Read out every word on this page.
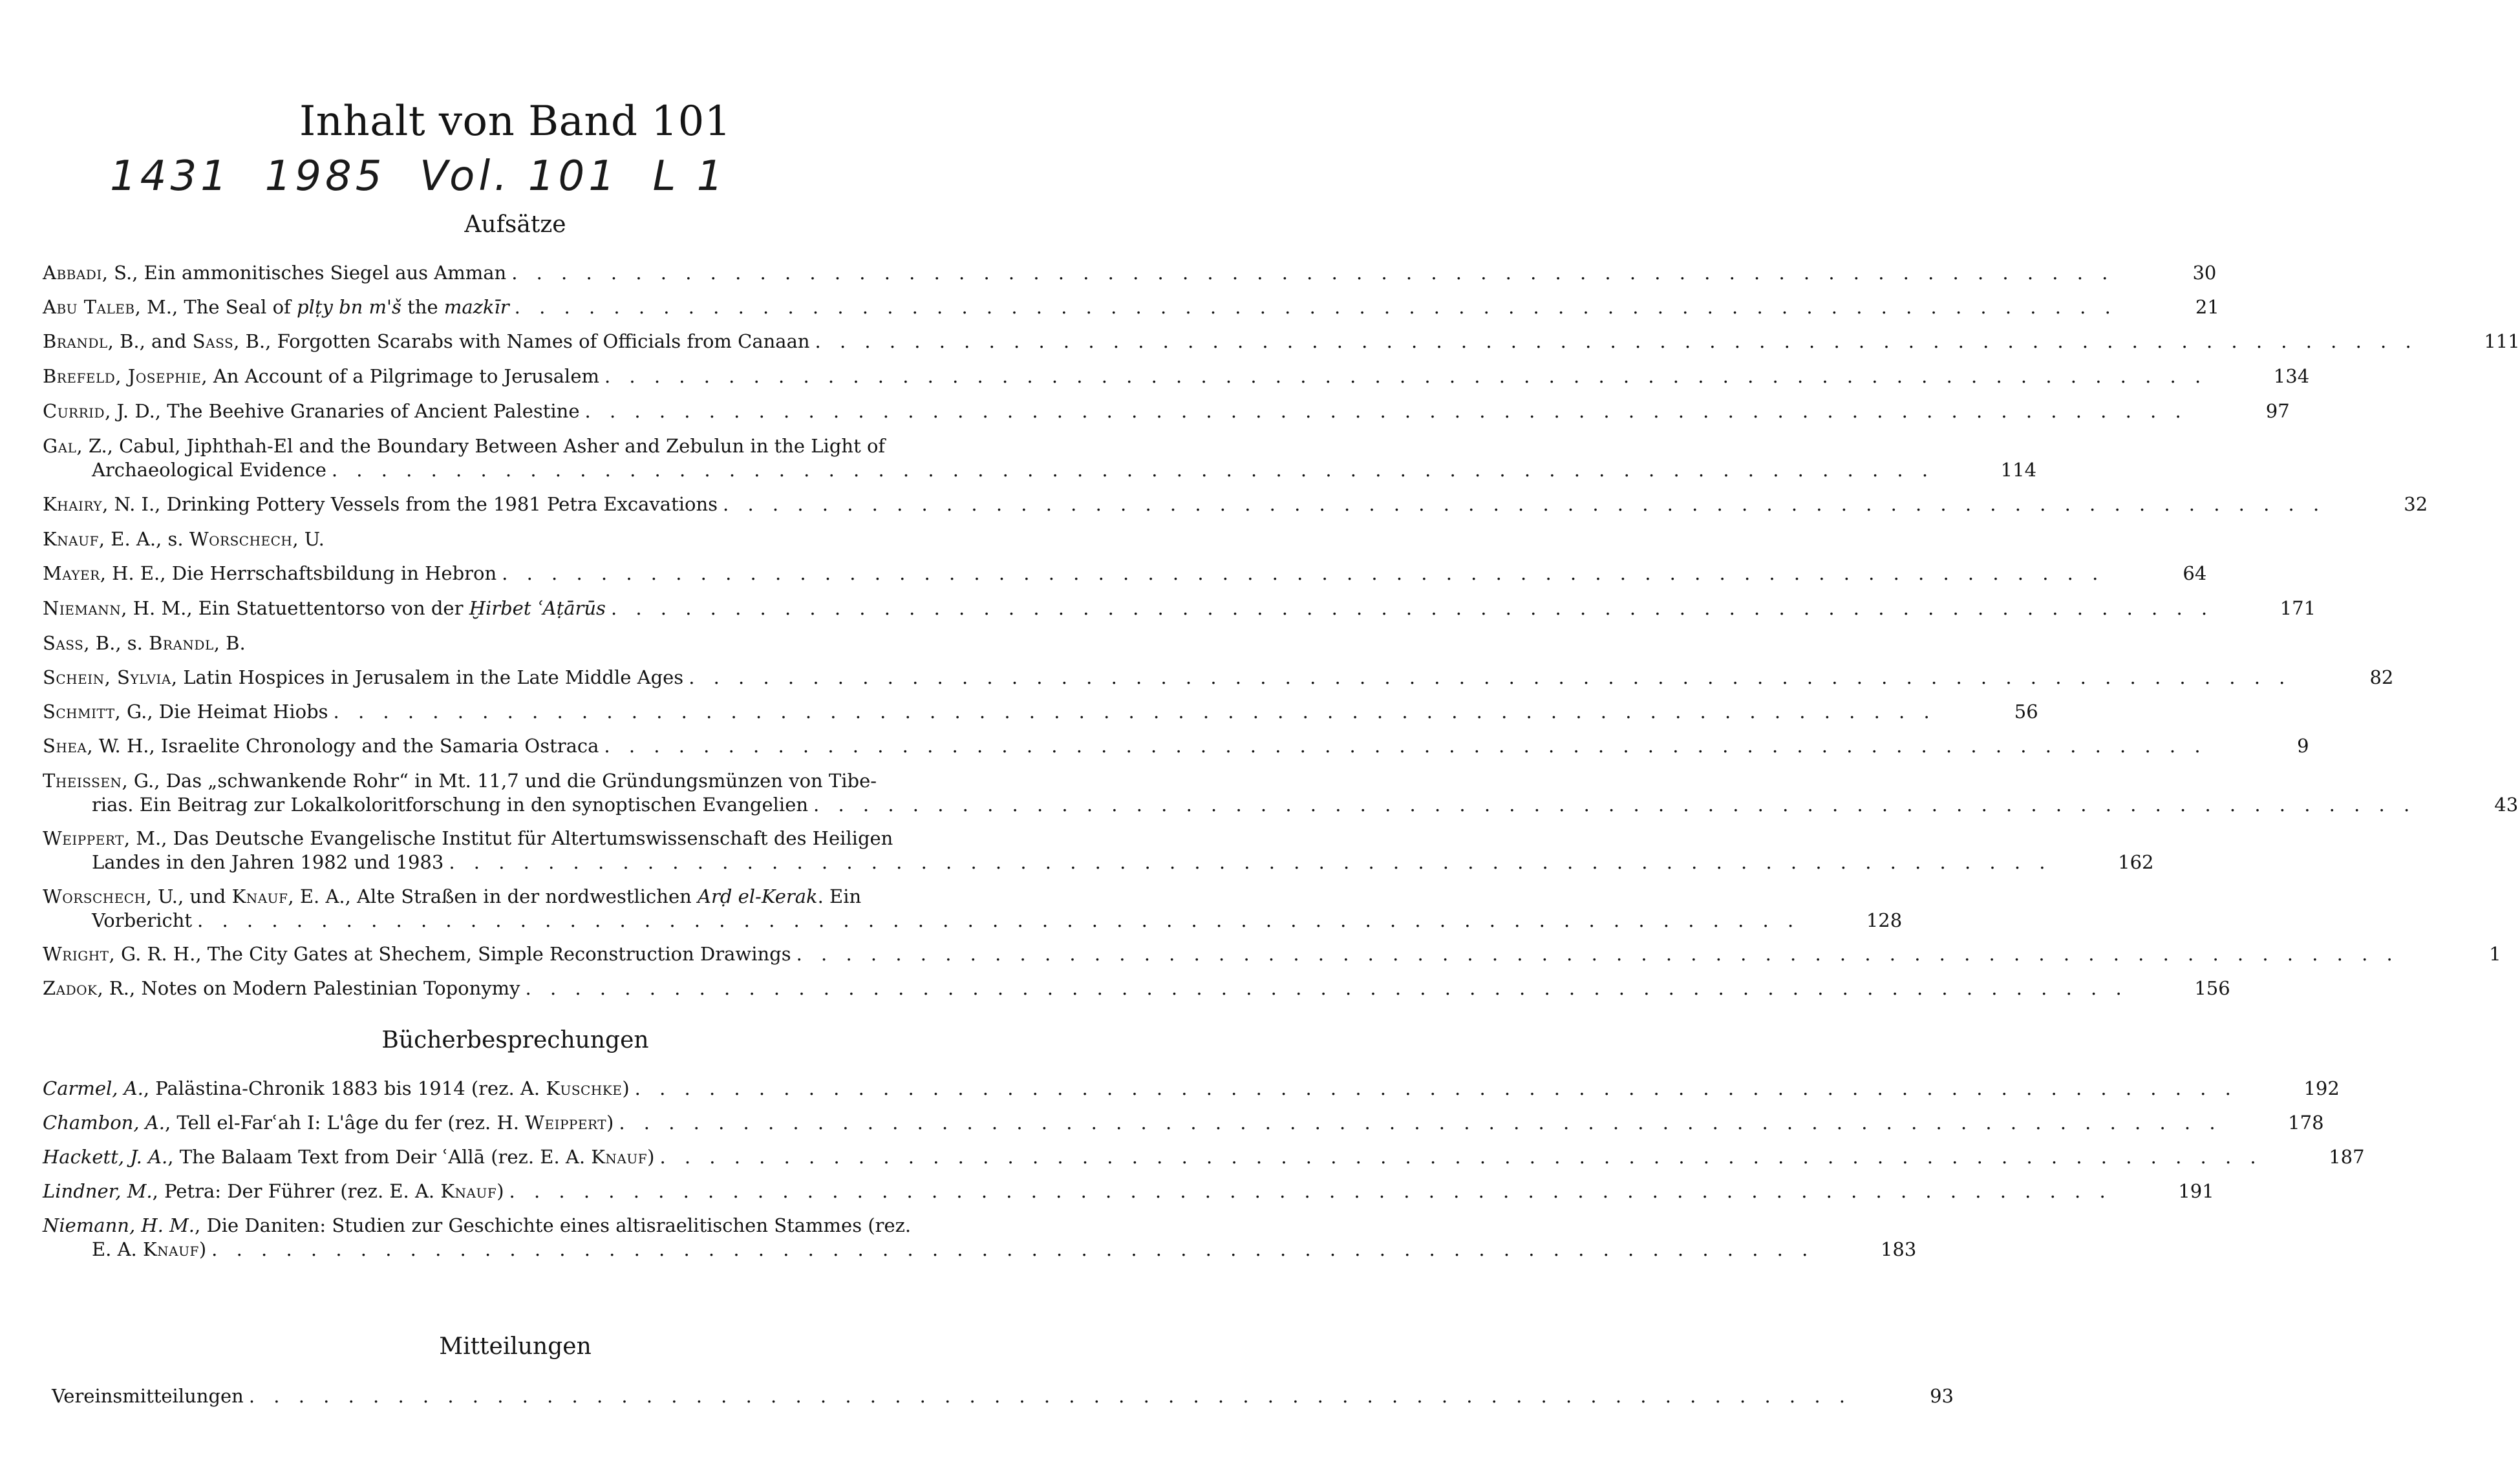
Inhalt von Band 101
1431  1985  Vol. 101  L 1
Aufsätze
Abbadi, S., Ein ammonitisches Siegel aus Amman . . . . . . . . . . . . . . . . . . . . . . . . . . . . . . . . . . . . . . . . . . . . . . . . . . . . . . . . . . . . . . . . .	30
Abu Taleb, M., The Seal of plṭy bn m'š the mazkīr . . . . . . . . . . . . . . . . . . . . . . . . . . . . . . . . . . . . . . . . . . . . . . . . . . . . . . . . . . . . . . . . .	21
Brandl, B., and Sass, B., Forgotten Scarabs with Names of Officials from Canaan . . . . . . . . . . . . . . . . . . . . . . . . . . . . . . . . . . . . . . . . . . . . . . . . . . . . . . . . . . . . . . . . .	111
Brefeld, Josephie, An Account of a Pilgrimage to Jerusalem . . . . . . . . . . . . . . . . . . . . . . . . . . . . . . . . . . . . . . . . . . . . . . . . . . . . . . . . . . . . . . . . .	134
Currid, J. D., The Beehive Granaries of Ancient Palestine . . . . . . . . . . . . . . . . . . . . . . . . . . . . . . . . . . . . . . . . . . . . . . . . . . . . . . . . . . . . . . . . .	97
Gal, Z., Cabul, Jiphthah-El and the Boundary Between Asher and Zebulun in the Light of
Archaeological Evidence . . . . . . . . . . . . . . . . . . . . . . . . . . . . . . . . . . . . . . . . . . . . . . . . . . . . . . . . . . . . . . . . .	114
Khairy, N. I., Drinking Pottery Vessels from the 1981 Petra Excavations . . . . . . . . . . . . . . . . . . . . . . . . . . . . . . . . . . . . . . . . . . . . . . . . . . . . . . . . . . . . . . . . .	32
Knauf, E. A., s. Worschech, U.
Mayer, H. E., Die Herrschaftsbildung in Hebron . . . . . . . . . . . . . . . . . . . . . . . . . . . . . . . . . . . . . . . . . . . . . . . . . . . . . . . . . . . . . . . . .	64
Niemann, H. M., Ein Statuettentorso von der Ḫirbet ʿAṭārūs . . . . . . . . . . . . . . . . . . . . . . . . . . . . . . . . . . . . . . . . . . . . . . . . . . . . . . . . . . . . . . . . .	171
Sass, B., s. Brandl, B.
Schein, Sylvia, Latin Hospices in Jerusalem in the Late Middle Ages . . . . . . . . . . . . . . . . . . . . . . . . . . . . . . . . . . . . . . . . . . . . . . . . . . . . . . . . . . . . . . . . .	82
Schmitt, G., Die Heimat Hiobs . . . . . . . . . . . . . . . . . . . . . . . . . . . . . . . . . . . . . . . . . . . . . . . . . . . . . . . . . . . . . . . . .	56
Shea, W. H., Israelite Chronology and the Samaria Ostraca . . . . . . . . . . . . . . . . . . . . . . . . . . . . . . . . . . . . . . . . . . . . . . . . . . . . . . . . . . . . . . . . .	9
Theissen, G., Das „schwankende Rohr“ in Mt. 11,7 und die Gründungsmünzen von Tibe-
rias. Ein Beitrag zur Lokalkoloritforschung in den synoptischen Evangelien . . . . . . . . . . . . . . . . . . . . . . . . . . . . . . . . . . . . . . . . . . . . . . . . . . . . . . . . . . . . . . . . .	43
Weippert, M., Das Deutsche Evangelische Institut für Altertumswissenschaft des Heiligen
Landes in den Jahren 1982 und 1983 . . . . . . . . . . . . . . . . . . . . . . . . . . . . . . . . . . . . . . . . . . . . . . . . . . . . . . . . . . . . . . . . .	162
Worschech, U., und Knauf, E. A., Alte Straßen in der nordwestlichen Arḍ el-Kerak. Ein
Vorbericht . . . . . . . . . . . . . . . . . . . . . . . . . . . . . . . . . . . . . . . . . . . . . . . . . . . . . . . . . . . . . . . . .	128
Wright, G. R. H., The City Gates at Shechem, Simple Reconstruction Drawings . . . . . . . . . . . . . . . . . . . . . . . . . . . . . . . . . . . . . . . . . . . . . . . . . . . . . . . . . . . . . . . . .	1
Zadok, R., Notes on Modern Palestinian Toponymy . . . . . . . . . . . . . . . . . . . . . . . . . . . . . . . . . . . . . . . . . . . . . . . . . . . . . . . . . . . . . . . . .	156
Bücherbesprechungen
Carmel, A., Palästina-Chronik 1883 bis 1914 (rez. A. Kuschke) . . . . . . . . . . . . . . . . . . . . . . . . . . . . . . . . . . . . . . . . . . . . . . . . . . . . . . . . . . . . . . . . .	192
Chambon, A., Tell el-Farʿah I: L'âge du fer (rez. H. Weippert) . . . . . . . . . . . . . . . . . . . . . . . . . . . . . . . . . . . . . . . . . . . . . . . . . . . . . . . . . . . . . . . . .	178
Hackett, J. A., The Balaam Text from Deir ʿAllā (rez. E. A. Knauf) . . . . . . . . . . . . . . . . . . . . . . . . . . . . . . . . . . . . . . . . . . . . . . . . . . . . . . . . . . . . . . . . .	187
Lindner, M., Petra: Der Führer (rez. E. A. Knauf) . . . . . . . . . . . . . . . . . . . . . . . . . . . . . . . . . . . . . . . . . . . . . . . . . . . . . . . . . . . . . . . . .	191
Niemann, H. M., Die Daniten: Studien zur Geschichte eines altisraelitischen Stammes (rez.
E. A. Knauf) . . . . . . . . . . . . . . . . . . . . . . . . . . . . . . . . . . . . . . . . . . . . . . . . . . . . . . . . . . . . . . . . .	183
Mitteilungen
Vereinsmitteilungen . . . . . . . . . . . . . . . . . . . . . . . . . . . . . . . . . . . . . . . . . . . . . . . . . . . . . . . . . . . . . . . . .	93
